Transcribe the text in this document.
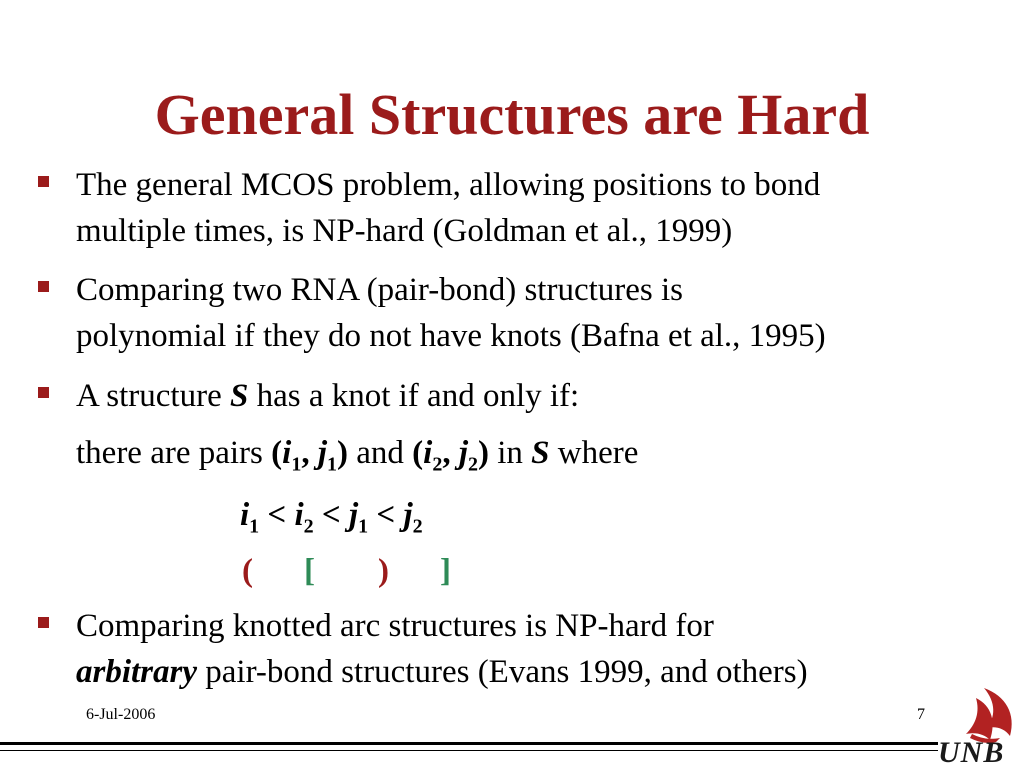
General Structures are Hard
The general MCOS problem, allowing positions to bond
multiple times, is NP-hard (Goldman et al., 1999)
Comparing two RNA (pair-bond) structures is
polynomial if they do not have knots (Bafna et al., 1995)
A structure S has a knot if and only if:
there are pairs ($i_1$, $j_1$) and ($i_2$, $j_2$) in S where
$i_1 < i_2 < j_1 < j_2$
( [ ) ]
Comparing knotted arc structures is NP-hard for
arbitrary pair-bond structures (Evans 1999, and others)
6-Jul-2006	7
UNB
